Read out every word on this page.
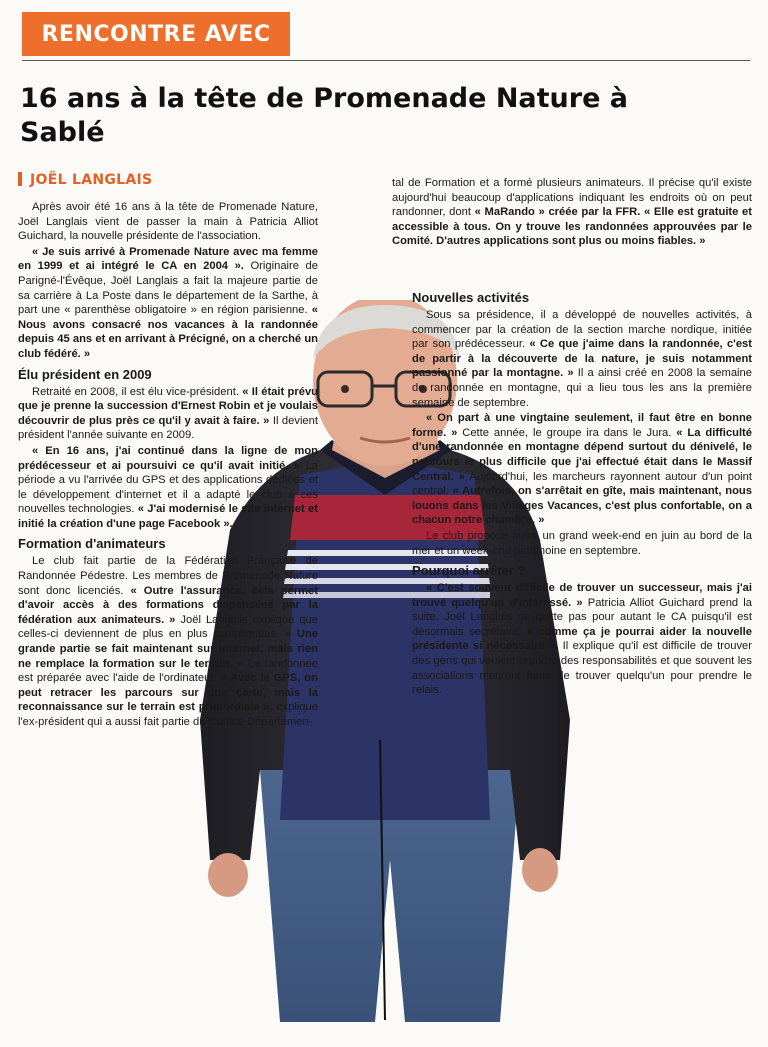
RENCONTRE AVEC
16 ans à la tête de Promenade Nature à Sablé
JOËL LANGLAIS

Après avoir été 16 ans à la tête de Promenade Nature, Joël Langlais vient de passer la main à Patricia Alliot Guichard, la nouvelle présidente de l'association.

« Je suis arrivé à Promenade Nature avec ma femme en 1999 et ai intégré le CA en 2004 ». Originaire de Parigné-l'Évêque, Joël Langlais a fait la majeure partie de sa carrière à La Poste dans le département de la Sarthe, à part une « parenthèse obligatoire » en région parisienne. « Nous avons consacré nos vacances à la randonnée depuis 45 ans et en arrivant à Précigné, on a cherché un club fédéré. »

Élu président en 2009

Retraité en 2008, il est élu vice-président. « Il était prévu que je prenne la succession d'Ernest Robin et je voulais découvrir de plus près ce qu'il y avait à faire. » Il devient président l'année suivante en 2009.

« En 16 ans, j'ai continué dans la ligne de mon prédécesseur et ai poursuivi ce qu'il avait initié. » La période a vu l'arrivée du GPS et des applications dédiées et le développement d'internet et il a adapté le club à ces nouvelles technologies. « J'ai modernisé le site internet et initié la création d'une page Facebook ».

Formation d'animateurs

Le club fait partie de la Fédération Française de Randonnée Pédestre. Les membres de Promenade Nature sont donc licenciés. « Outre l'assurance, cela permet d'avoir accès à des formations dispensées par la fédération aux animateurs. » Joël Langlais explique que celles-ci deviennent de plus en plus compliquées. « Une grande partie se fait maintenant sur internet, mais rien ne remplace la formation sur le terrain. » La randonnée est préparée avec l'aide de l'ordinateur. « Avec le GPS, on peut retracer les parcours sur une carte, mais la reconnaissance sur le terrain est primordiale », explique l'ex-président qui a aussi fait partie du Comité Départemen-

tal de Formation et a formé plusieurs animateurs. Il précise qu'il existe aujourd'hui beaucoup d'applications indiquant les endroits où on peut randonner, dont « MaRando » créée par la FFR. « Elle est gratuite et accessible à tous. On y trouve les randonnées approuvées par le Comité. D'autres applications sont plus ou moins fiables. »

Nouvelles activités

Sous sa présidence, il a développé de nouvelles activités, à commencer par la création de la section marche nordique, initiée par son prédécesseur. « Ce que j'aime dans la randonnée, c'est de partir à la découverte de la nature, je suis notamment passionné par la montagne. » Il a ainsi créé en 2008 la semaine de randonnée en montagne, qui a lieu tous les ans la première semaine de septembre.

« On part à une vingtaine seulement, il faut être en bonne forme. » Cette année, le groupe ira dans le Jura. « La difficulté d'une randonnée en montagne dépend surtout du dénivelé, le parcours le plus difficile que j'ai effectué était dans le Massif Central. » Aujourd'hui, les marcheurs rayonnent autour d'un point central. « Autrefois, on s'arrêtait en gîte, mais maintenant, nous louons dans les Villages Vacances, c'est plus confortable, on a chacun notre chambre. »

Le club propose aussi un grand week-end en juin au bord de la mer et un week-end patrimoine en septembre.

Pourquoi arrêter ?

« C'est souvent difficile de trouver un successeur, mais j'ai trouvé quelqu'un d'intéressé. » Patricia Alliot Guichard prend la suite. Joël Langlais ne quitte pas pour autant le CA puisqu'il est désormais secrétaire, « comme ça je pourrai aider la nouvelle présidente si nécessaire ». Il explique qu'il est difficile de trouver des gens qui veulent prendre des responsabilités et que souvent les associations meurent faute de trouver quelqu'un pour prendre le relais.
